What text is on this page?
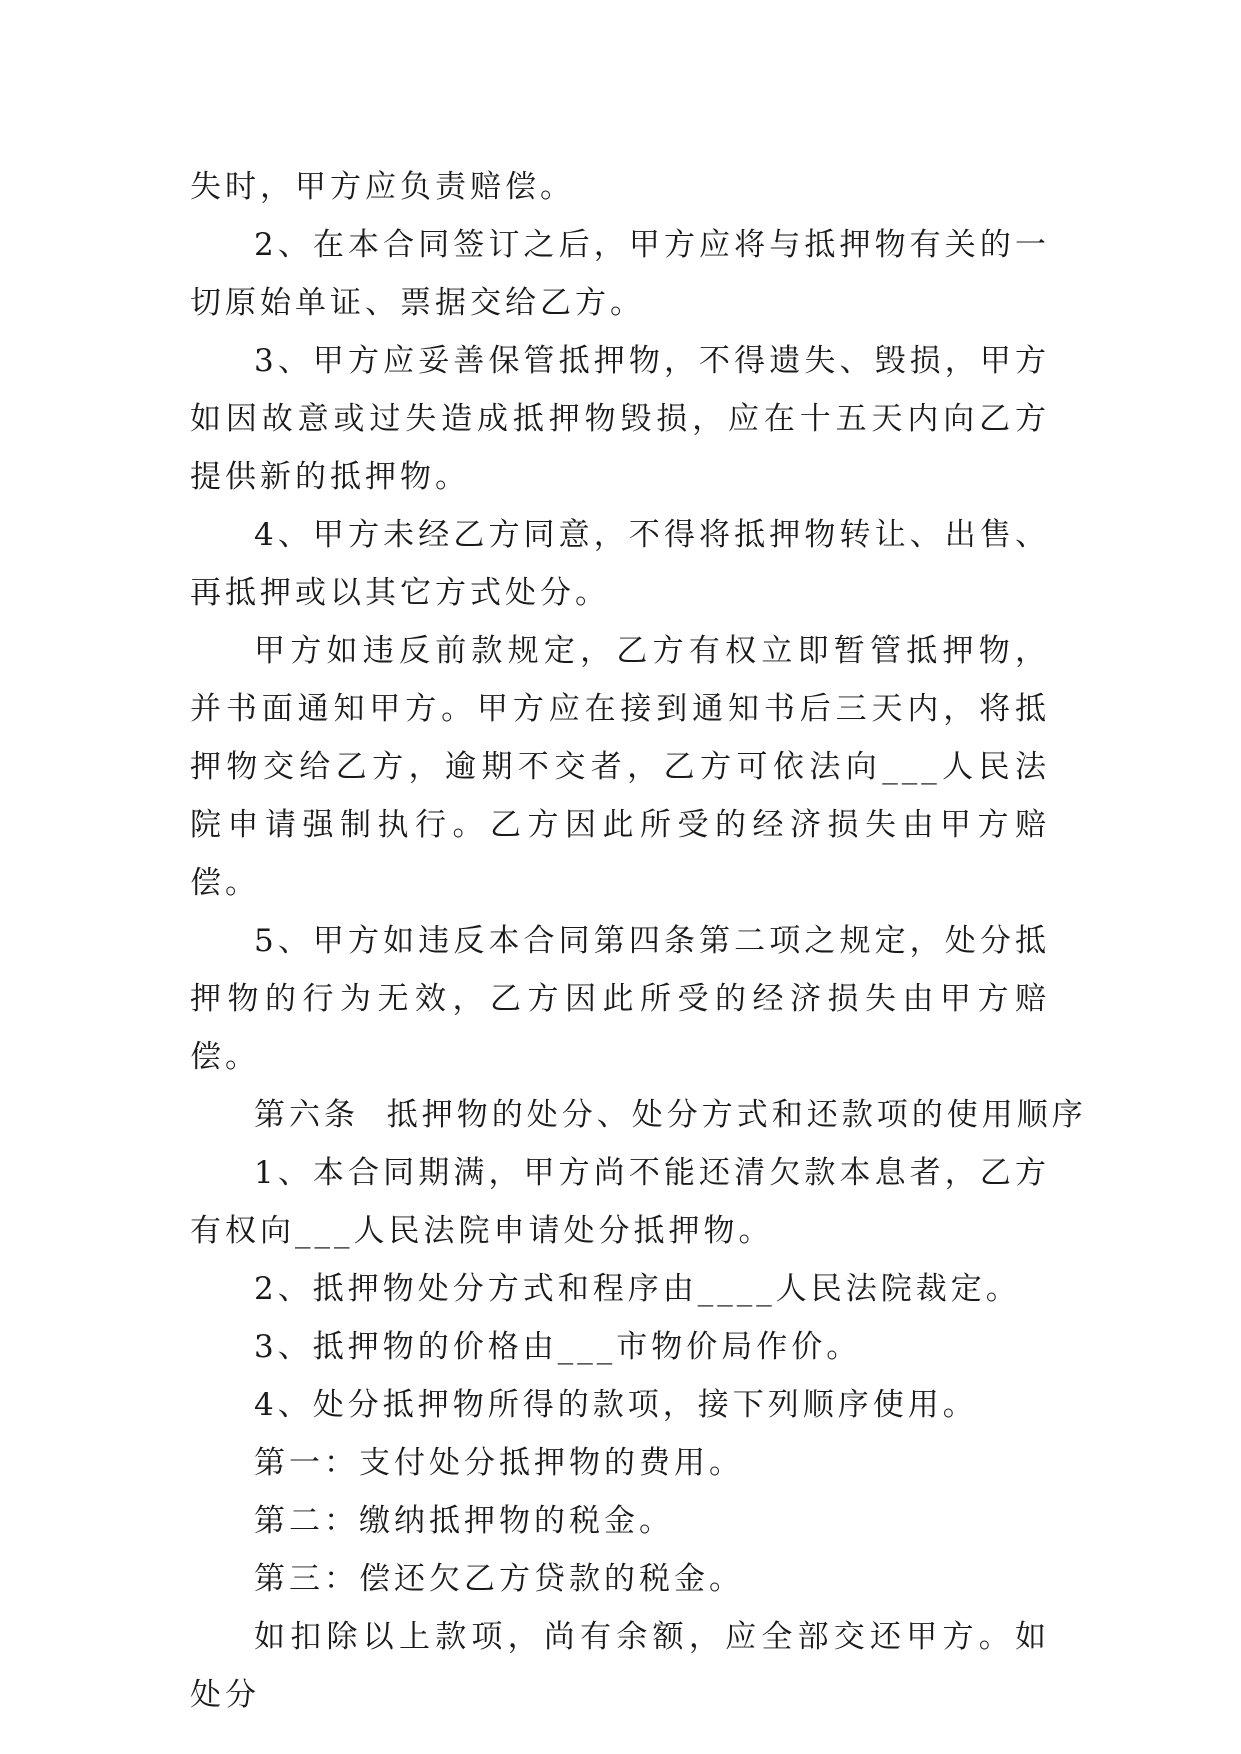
失时，甲方应负责赔偿。

2、在本合同签订之后，甲方应将与抵押物有关的一切原始单证、票据交给乙方。

3、甲方应妥善保管抵押物，不得遗失、毁损，甲方如因故意或过失造成抵押物毁损，应在十五天内向乙方提供新的抵押物。

4、甲方未经乙方同意，不得将抵押物转让、出售、再抵押或以其它方式处分。

甲方如违反前款规定，乙方有权立即暂管抵押物，并书面通知甲方。甲方应在接到通知书后三天内，将抵押物交给乙方，逾期不交者，乙方可依法向___人民法院申请强制执行。乙方因此所受的经济损失由甲方赔偿。

5、甲方如违反本合同第四条第二项之规定，处分抵押物的行为无效，乙方因此所受的经济损失由甲方赔偿。

第六条  抵押物的处分、处分方式和还款项的使用顺序

1、本合同期满，甲方尚不能还清欠款本息者，乙方有权向___人民法院申请处分抵押物。

2、抵押物处分方式和程序由____人民法院裁定。

3、抵押物的价格由___市物价局作价。

4、处分抵押物所得的款项，接下列顺序使用。

第一：支付处分抵押物的费用。

第二：缴纳抵押物的税金。

第三：偿还欠乙方贷款的税金。

如扣除以上款项，尚有余额，应全部交还甲方。如处分
